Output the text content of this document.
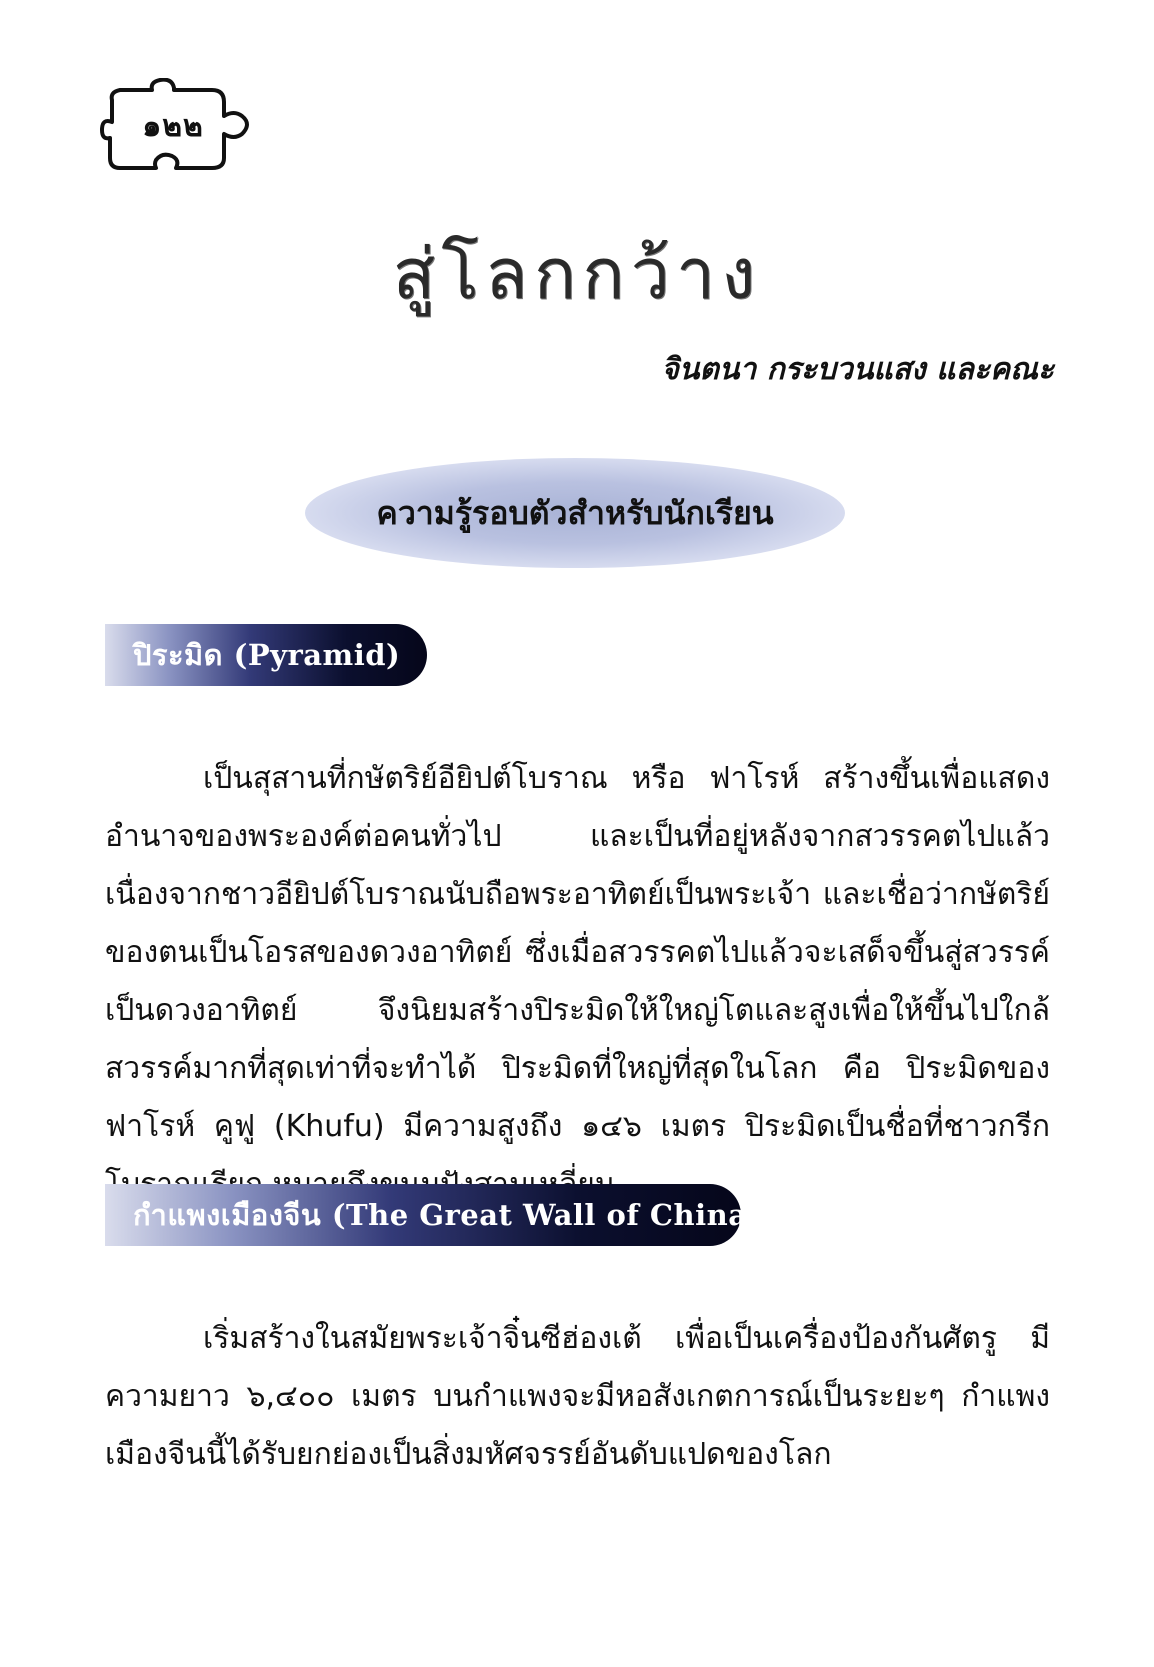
๑๒๒
สู่โลกกว้าง
จินตนา กระบวนแสง และคณะ
ความรู้รอบตัวสำหรับนักเรียน
ปิระมิด (Pyramid)

เป็นสุสานที่กษัตริย์อียิปต์โบราณ หรือ ฟาโรห์ สร้างขึ้นเพื่อแสดงอำนาจของพระองค์ต่อคนทั่วไป และเป็นที่อยู่หลังจากสวรรคตไปแล้ว เนื่องจากชาวอียิปต์โบราณนับถือพระอาทิตย์เป็นพระเจ้า และเชื่อว่ากษัตริย์ของตนเป็นโอรสของดวงอาทิตย์ ซึ่งเมื่อสวรรคตไปแล้วจะเสด็จขึ้นสู่สวรรค์เป็นดวงอาทิตย์ จึงนิยมสร้างปิระมิดให้ใหญ่โตและสูงเพื่อให้ขึ้นไปใกล้สวรรค์มากที่สุดเท่าที่จะทำได้ ปิระมิดที่ใหญ่ที่สุดในโลก คือ ปิระมิดของฟาโรห์ คูฟู (Khufu) มีความสูงถึง ๑๔๖ เมตร ปิระมิดเป็นชื่อที่ชาวกรีก

กำแพงเมืองจีน (The Great Wall of China)

เริ่มสร้างในสมัยพระเจ้าจิ๋นซีฮ่องเต้ เพื่อเป็นเครื่องป้องกันศัตรู มีความยาว ๖,๔๐๐ เมตร บนกำแพงจะมีหอสังเกตการณ์เป็นระยะๆ กำแพงเมืองจีนนี้ได้รับยกย่องเป็นสิ่งมหัศจรรย์อันดับแปดของโลก
